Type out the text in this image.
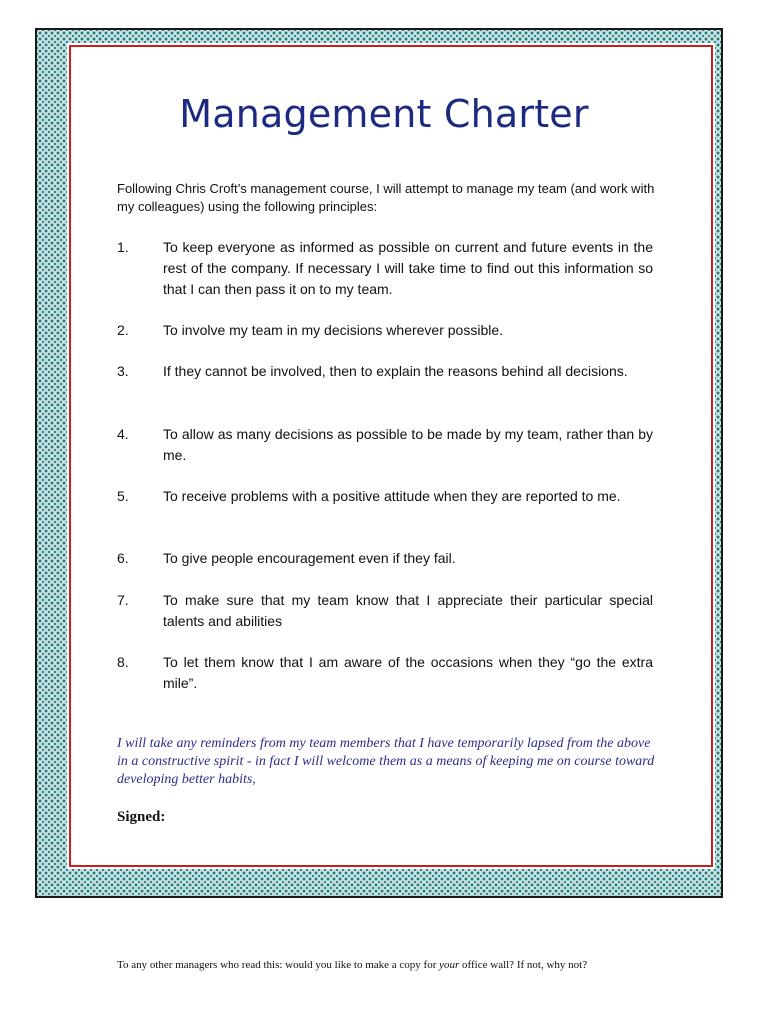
Management Charter
Following Chris Croft’s management course, I will attempt to manage my team (and work with my colleagues) using the following principles:
1.	To keep everyone as informed as possible on current and future events in the rest of the company. If necessary I will take time to find out this information so that I can then pass it on to my team.
2.	To involve my team in my decisions wherever possible.
3.	If they cannot be involved, then to explain the reasons behind all decisions.
4.	To allow as many decisions as possible to be made by my team, rather than by me.
5.	To receive problems with a positive attitude when they are reported to me.
6.	To give people encouragement even if they fail.
7.	To make sure that my team know that I appreciate their particular special talents and abilities
8.	To let them know that I am aware of the occasions when they “go the extra mile”.
I will take any reminders from my team members that I have temporarily lapsed from the above in a constructive spirit - in fact I will welcome them as a means of keeping me on course toward developing better habits,
Signed:
To any other managers who read this: would you like to make a copy for your office wall? If not, why not?
